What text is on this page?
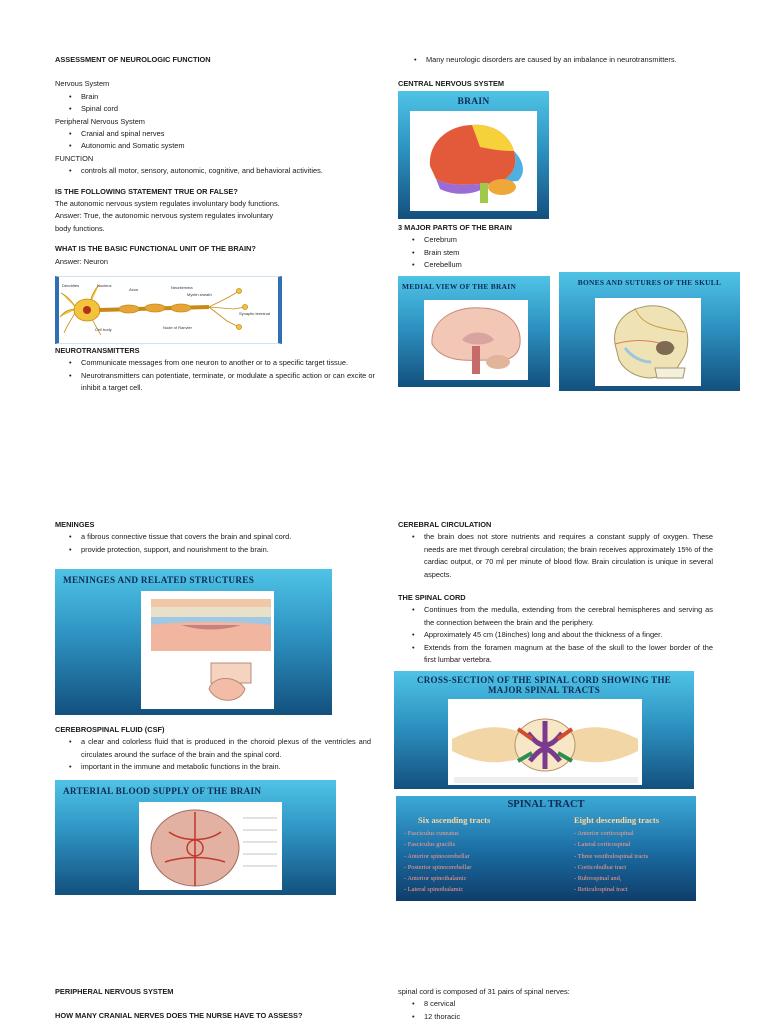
ASSESSMENT OF NEUROLOGIC FUNCTION

Nervous System

• Brain
• Spinal cord

Peripheral Nervous System

• Cranial and spinal nerves
• Autonomic and Somatic system

FUNCTION

• controls all motor, sensory, autonomic, cognitive, and behavioral activities.

IS THE FOLLOWING STATEMENT TRUE OR FALSE?

The autonomic nervous system regulates involuntary body functions.

Answer: True, the autonomic nervous system regulates involuntary

body functions.

WHAT IS THE BASIC FUNCTIONAL UNIT OF THE BRAIN?

Answer: Neuron

Dendrites	Nucleus
Axon	Neurilemma
Myelin sheath
Cell body	Node of Ranvier
Synaptic terminals

NEUROTRANSMITTERS

• Communicate messages from one neuron to another or to a specific target tissue.
• Neurotransmitters can potentiate, terminate, or modulate a specific action or can excite or inhibit a target cell.
• Many neurologic disorders are caused by an imbalance in neurotransmitters.

CENTRAL NERVOUS SYSTEM

BRAIN

3 MAJOR PARTS OF THE BRAIN

• Cerebrum
• Brain stem
• Cerebellum
MEDIAL VIEW OF THE BRAIN	BONES AND SUTURES OF THE SKULL

MENINGES

• a fibrous connective tissue that covers the brain and spinal cord.
• provide protection, support, and nourishment to the brain.
MENINGES AND RELATED STRUCTURES

CEREBROSPINAL FLUID (CSF)

• a clear and colorless fluid that is produced in the choroid plexus of the ventricles and circulates around the surface of the brain and the spinal cord.
• important in the immune and metabolic functions in the brain.
ARTERIAL BLOOD SUPPLY OF THE BRAIN

CEREBRAL CIRCULATION

• the brain does not store nutrients and requires a constant supply of oxygen. These needs are met through cerebral circulation; the brain receives approximately 15% of the cardiac output, or 70 ml per minute of blood flow. Brain circulation is unique in several aspects.

THE SPINAL CORD

• Continues from the medulla, extending from the cerebral hemispheres and serving as the connection between the brain and the periphery.
• Approximately 45 cm (18inches) long and about the thickness of a finger.
• Extends from the foramen magnum at the base of the skull to the lower border of the first lumbar vertebra.
CROSS-SECTION OF THE SPINAL CORD SHOWING THE MAJOR SPINAL TRACTS
SPINAL TRACT
Six ascending tracts
- Fasciculus cuneatus
- Fasciculus gracilis
- Anterior spinocerebellar
- Posterior spinocerebellar
- Anterior spinothalamic
- Lateral spinothalamic
Eight descending tracts
- Anterior corticospinal
- Lateral corticospinal
- Three vestibulospinal tracts
- Corticobulbar tract
- Rubrospinal and,
- Reticulospinal tract

PERIPHERAL NERVOUS SYSTEM

HOW MANY CRANIAL NERVES DOES THE NURSE HAVE TO ASSESS?

spinal cord is composed of 31 pairs of spinal nerves:

• 8 cervical
• 12 thoracic
